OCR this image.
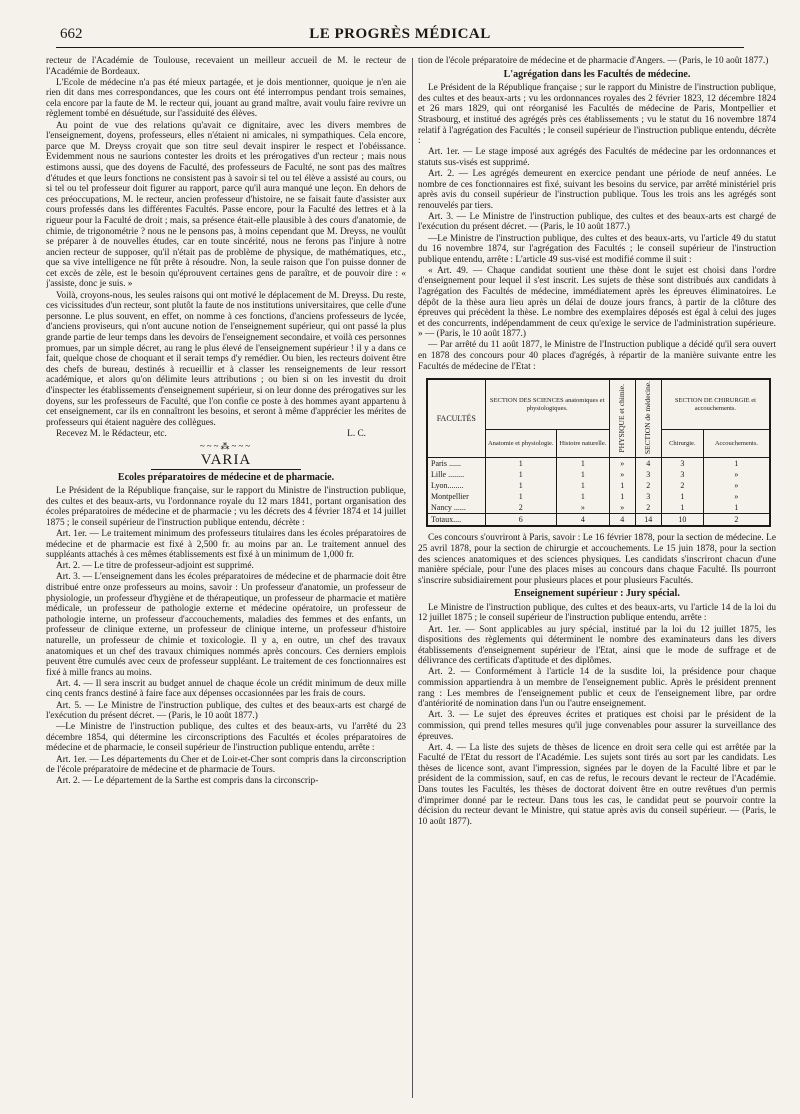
662	LE PROGRÈS MÉDICAL

recteur de l'Académie de Toulouse, recevaient un meilleur accueil de M. le recteur de l'Académie de Bordeaux.

L'Ecole de médecine n'a pas été mieux partagée, et je dois mentionner, quoique je n'en aie rien dit dans mes correspondances, que les cours ont été interrompus pendant trois semaines, cela encore par la faute de M. le recteur qui, jouant au grand maître, avait voulu faire revivre un règlement tombé en désuétude, sur l'assiduité des élèves.

Au point de vue des relations qu'avait ce dignitaire, avec les divers membres de l'enseignement, doyens, professeurs, elles n'étaient ni amicales, ni sympathiques. Cela encore, parce que M. Dreyss croyait que son titre seul devait inspirer le respect et l'obéissance. Evidemment nous ne saurions contester les droits et les prérogatives d'un recteur ; mais nous estimons aussi, que des doyens de Faculté, des professeurs de Faculté, ne sont pas des maîtres d'études et que leurs fonctions ne consistent pas à savoir si tel ou tel élève a assisté au cours, ou si tel ou tel professeur doit figurer au rapport, parce qu'il aura manqué une leçon. En dehors de ces préoccupations, M. le recteur, ancien professeur d'histoire, ne se faisait faute d'assister aux cours professés dans les différentes Facultés. Passe encore, pour la Faculté des lettres et à la rigueur pour la Faculté de droit ; mais, sa présence était-elle plausible à des cours d'anatomie, de chimie, de trigonométrie ? nous ne le pensons pas, à moins cependant que M. Dreyss, ne voulût se préparer à de nouvelles études, car en toute sincérité, nous ne ferons pas l'injure à notre ancien recteur de supposer, qu'il n'était pas de problème de physique, de mathématiques, etc., que sa vive intelligence ne fût prête à résoudre. Non, la seule raison que l'on puisse donner de cet excès de zèle, est le besoin qu'éprouvent certaines gens de paraître, et de pouvoir dire : « j'assiste, donc je suis. »

Voilà, croyons-nous, les seules raisons qui ont motivé le déplacement de M. Dreyss. Du reste, ces vicissitudes d'un recteur, sont plutôt la faute de nos institutions universitaires, que celle d'une personne. Le plus souvent, en effet, on nomme à ces fonctions, d'anciens professeurs de lycée, d'anciens proviseurs, qui n'ont aucune notion de l'enseignement supérieur, qui ont passé la plus grande partie de leur temps dans les devoirs de l'enseignement secondaire, et voilà ces personnes promues, par un simple décret, au rang le plus élevé de l'enseignement supérieur ! il y a dans ce fait, quelque chose de choquant et il serait temps d'y remédier. Ou bien, les recteurs doivent être des chefs de bureau, destinés à recueillir et à classer les renseignements de leur ressort académique, et alors qu'on délimite leurs attributions ; ou bien si on les investit du droit d'inspecter les établissements d'enseignement supérieur, si on leur donne des prérogatives sur les doyens, sur les professeurs de Faculté, que l'on confie ce poste à des hommes ayant appartenu à cet enseignement, car ils en connaîtront les besoins, et seront à même d'apprécier les mérites de professeurs qui étaient naguère des collègues.

Recevez M. le Rédacteur, etc.	L. C.

~~~⁂~~~
VARIA
Ecoles préparatoires de médecine et de pharmacie.

Le Président de la République française, sur le rapport du Ministre de l'instruction publique, des cultes et des beaux-arts, vu l'ordonnance royale du 12 mars 1841, portant organisation des écoles préparatoires de médecine et de pharmacie ; vu les décrets des 4 février 1874 et 14 juillet 1875 ; le conseil supérieur de l'instruction publique entendu, décrète :

Art. 1er. — Le traitement minimum des professeurs titulaires dans les écoles préparatoires de médecine et de pharmacie est fixé à 2,500 fr. au moins par an. Le traitement annuel des suppléants attachés à ces mêmes établissements est fixé à un minimum de 1,000 fr.

Art. 2. — Le titre de professeur-adjoint est supprimé.

Art. 3. — L'enseignement dans les écoles préparatoires de médecine et de pharmacie doit être distribué entre onze professeurs au moins, savoir : Un professeur d'anatomie, un professeur de physiologie, un professeur d'hygiène et de thérapeutique, un professeur de pharmacie et matière médicale, un professeur de pathologie externe et médecine opératoire, un professeur de pathologie interne, un professeur d'accouchements, maladies des femmes et des enfants, un professeur de clinique externe, un professeur de clinique interne, un professeur d'histoire naturelle, un professeur de chimie et toxicologie. Il y a, en outre, un chef des travaux anatomiques et un chef des travaux chimiques nommés après concours. Ces derniers emplois peuvent être cumulés avec ceux de professeur suppléant. Le traitement de ces fonctionnaires est fixé à mille francs au moins.

Art. 4. — Il sera inscrit au budget annuel de chaque école un crédit minimum de deux mille cinq cents francs destiné à faire face aux dépenses occasionnées par les frais de cours.

Art. 5. — Le Ministre de l'instruction publique, des cultes et des beaux-arts est chargé de l'exécution du présent décret. — (Paris, le 10 août 1877.)

—Le Ministre de l'instruction publique, des cultes et des beaux-arts, vu l'arrêté du 23 décembre 1854, qui détermine les circonscriptions des Facultés et écoles préparatoires de médecine et de pharmacie, le conseil supérieur de l'instruction publique entendu, arrête :

Art. 1er. — Les départements du Cher et de Loir-et-Cher sont compris dans la circonscription de l'école préparatoire de médecine et de pharmacie de Tours.

Art. 2. — Le département de la Sarthe est compris dans la circonscrip-

tion de l'école préparatoire de médecine et de pharmacie d'Angers. — (Paris, le 10 août 1877.)

L'agrégation dans les Facultés de médecine.

Le Président de la République française ; sur le rapport du Ministre de l'instruction publique, des cultes et des beaux-arts ; vu les ordonnances royales des 2 février 1823, 12 décembre 1824 et 26 mars 1829, qui ont réorganisé les Facultés de médecine de Paris, Montpellier et Strasbourg, et institué des agrégés près ces établissements ; vu le statut du 16 novembre 1874 relatif à l'agrégation des Facultés ; le conseil supérieur de l'instruction publique entendu, décrète :

Art. 1er. — Le stage imposé aux agrégés des Facultés de médecine par les ordonnances et statuts sus-visés est supprimé.

Art. 2. — Les agrégés demeurent en exercice pendant une période de neuf années. Le nombre de ces fonctionnaires est fixé, suivant les besoins du service, par arrêté ministériel pris après avis du conseil supérieur de l'instruction publique. Tous les trois ans les agrégés sont renouvelés par tiers.

Art. 3. — Le Ministre de l'instruction publique, des cultes et des beaux-arts est chargé de l'exécution du présent décret. — (Paris, le 10 août 1877.)

—Le Ministre de l'instruction publique, des cultes et des beaux-arts, vu l'article 49 du statut du 16 novembre 1874, sur l'agrégation des Facultés ; le conseil supérieur de l'instruction publique entendu, arrête : L'article 49 sus-visé est modifié comme il suit :

« Art. 49. — Chaque candidat soutient une thèse dont le sujet est choisi dans l'ordre d'enseignement pour lequel il s'est inscrit. Les sujets de thèse sont distribués aux candidats à l'agrégation des Facultés de médecine, immédiatement après les épreuves éliminatoires. Le dépôt de la thèse aura lieu après un délai de douze jours francs, à partir de la clôture des épreuves qui précèdent la thèse. Le nombre des exemplaires déposés est égal à celui des juges et des concurrents, indépendamment de ceux qu'exige le service de l'administration supérieure. » — (Paris, le 10 août 1877.)

— Par arrêté du 11 août 1877, le Ministre de l'Instruction publique a décidé qu'il sera ouvert en 1878 des concours pour 40 places d'agrégés, à répartir de la manière suivante entre les Facultés de médecine de l'Etat :

FACULTÉS	SECTION DES SCIENCES anatomiques et physiologiques.		PHYSIQUE et chimie.	SECTION de médecine.	SECTION DE CHIRURGIE et accouchements.	
	Anatomie et physiologie.	Histoire naturelle.			Chirurgie.	Accouchements.
Paris ......	1	1	»	4	3	1
Lille ........	1	1	»	3	3	»
Lyon........	1	1	1	2	2	»
Montpellier	1	1	1	3	1	»
Nancy ......	2	»	»	2	1	1
Totaux....	6	4	4	14	10	2

Ces concours s'ouvriront à Paris, savoir : Le 16 février 1878, pour la section de médecine. Le 25 avril 1878, pour la section de chirurgie et accouchements. Le 15 juin 1878, pour la section des sciences anatomiques et des sciences physiques. Les candidats s'inscriront chacun d'une manière spéciale, pour l'une des places mises au concours dans chaque Faculté. Ils pourront s'inscrire subsidiairement pour plusieurs places et pour plusieurs Facultés.

Enseignement supérieur : Jury spécial.

Le Ministre de l'instruction publique, des cultes et des beaux-arts, vu l'article 14 de la loi du 12 juillet 1875 ; le conseil supérieur de l'instruction publique entendu, arrête :

Art. 1er. — Sont applicables au jury spécial, institué par la loi du 12 juillet 1875, les dispositions des règlements qui déterminent le nombre des examinateurs dans les divers établissements d'enseignement supérieur de l'Etat, ainsi que le mode de suffrage et de délivrance des certificats d'aptitude et des diplômes.

Art. 2. — Conformément à l'article 14 de la susdite loi, la présidence pour chaque commission appartiendra à un membre de l'enseignement public. Après le président prennent rang : Les membres de l'enseignement public et ceux de l'enseignement libre, par ordre d'antériorité de nomination dans l'un ou l'autre enseignement.

Art. 3. — Le sujet des épreuves écrites et pratiques est choisi par le président de la commission, qui prend telles mesures qu'il juge convenables pour assurer la surveillance des épreuves.

Art. 4. — La liste des sujets de thèses de licence en droit sera celle qui est arrêtée par la Faculté de l'Etat du ressort de l'Académie. Les sujets sont tirés au sort par les candidats. Les thèses de licence sont, avant l'impression, signées par le doyen de la Faculté libre et par le président de la commission, sauf, en cas de refus, le recours devant le recteur de l'Académie. Dans toutes les Facultés, les thèses de doctorat doivent être en outre revêtues d'un permis d'imprimer donné par le recteur. Dans tous les cas, le candidat peut se pourvoir contre la décision du recteur devant le Ministre, qui statue après avis du conseil supérieur. — (Paris, le 10 août 1877).
